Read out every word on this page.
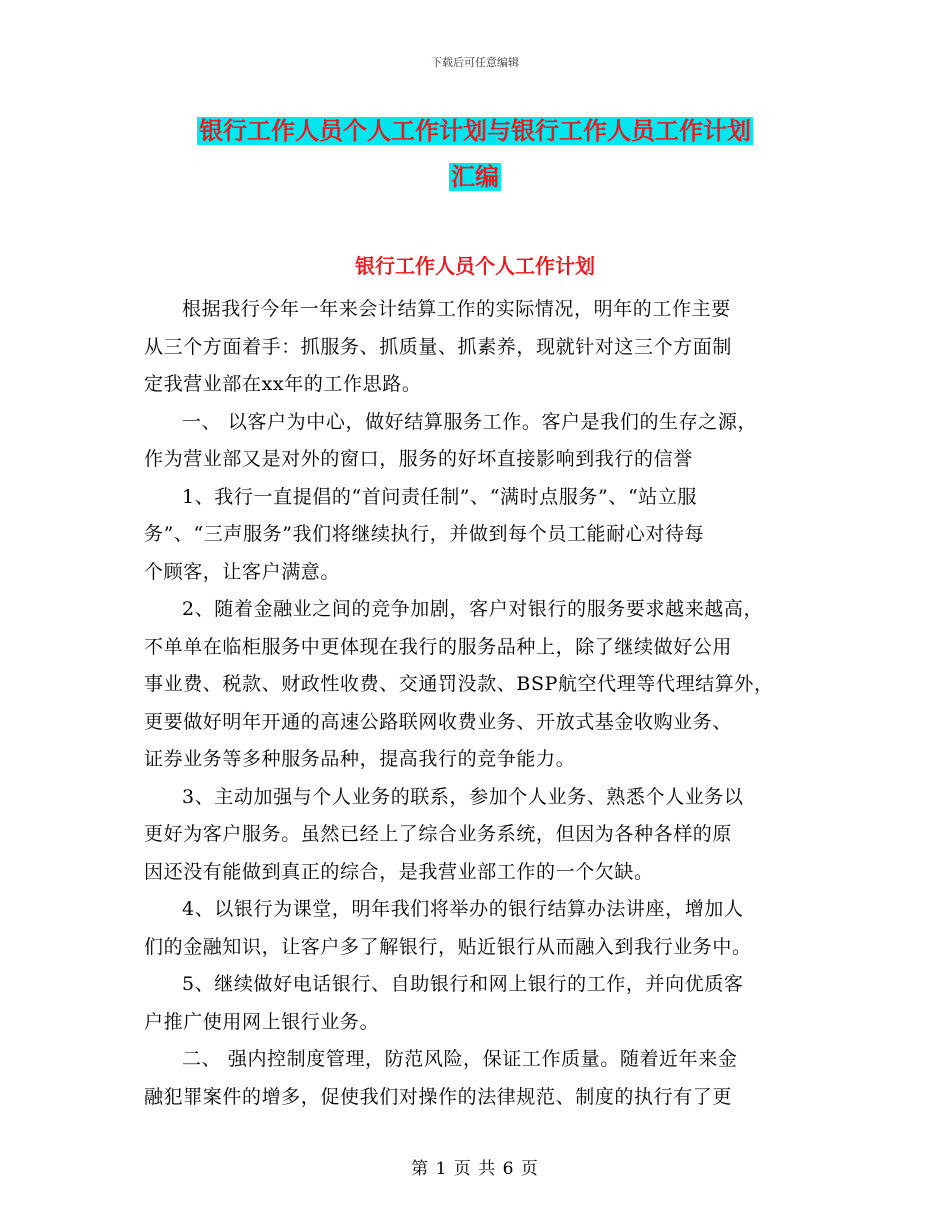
下载后可任意编辑
银行工作人员个人工作计划与银行工作人员工作计划
汇编
银行工作人员个人工作计划
根据我行今年一年来会计结算工作的实际情况，明年的工作主要
从三个方面着手：抓服务、抓质量、抓素养，现就针对这三个方面制
定我营业部在xx年的工作思路。
一、 以客户为中心，做好结算服务工作。客户是我们的生存之源，
作为营业部又是对外的窗口，服务的好坏直接影响到我行的信誉
1、我行一直提倡的“首问责任制”、“满时点服务”、“站立服
务”、“三声服务”我们将继续执行，并做到每个员工能耐心对待每
个顾客，让客户满意。
2、随着金融业之间的竞争加剧，客户对银行的服务要求越来越高，
不单单在临柜服务中更体现在我行的服务品种上，除了继续做好公用
事业费、税款、财政性收费、交通罚没款、BSP航空代理等代理结算外，
更要做好明年开通的高速公路联网收费业务、开放式基金收购业务、
证券业务等多种服务品种，提高我行的竞争能力。
3、主动加强与个人业务的联系，参加个人业务、熟悉个人业务以
更好为客户服务。虽然已经上了综合业务系统，但因为各种各样的原
因还没有能做到真正的综合，是我营业部工作的一个欠缺。
4、以银行为课堂，明年我们将举办的银行结算办法讲座，增加人
们的金融知识，让客户多了解银行，贴近银行从而融入到我行业务中。
5、继续做好电话银行、自助银行和网上银行的工作，并向优质客
户推广使用网上银行业务。
二、 强内控制度管理，防范风险，保证工作质量。随着近年来金
融犯罪案件的增多，促使我们对操作的法律规范、制度的执行有了更
第 1 页 共 6 页
